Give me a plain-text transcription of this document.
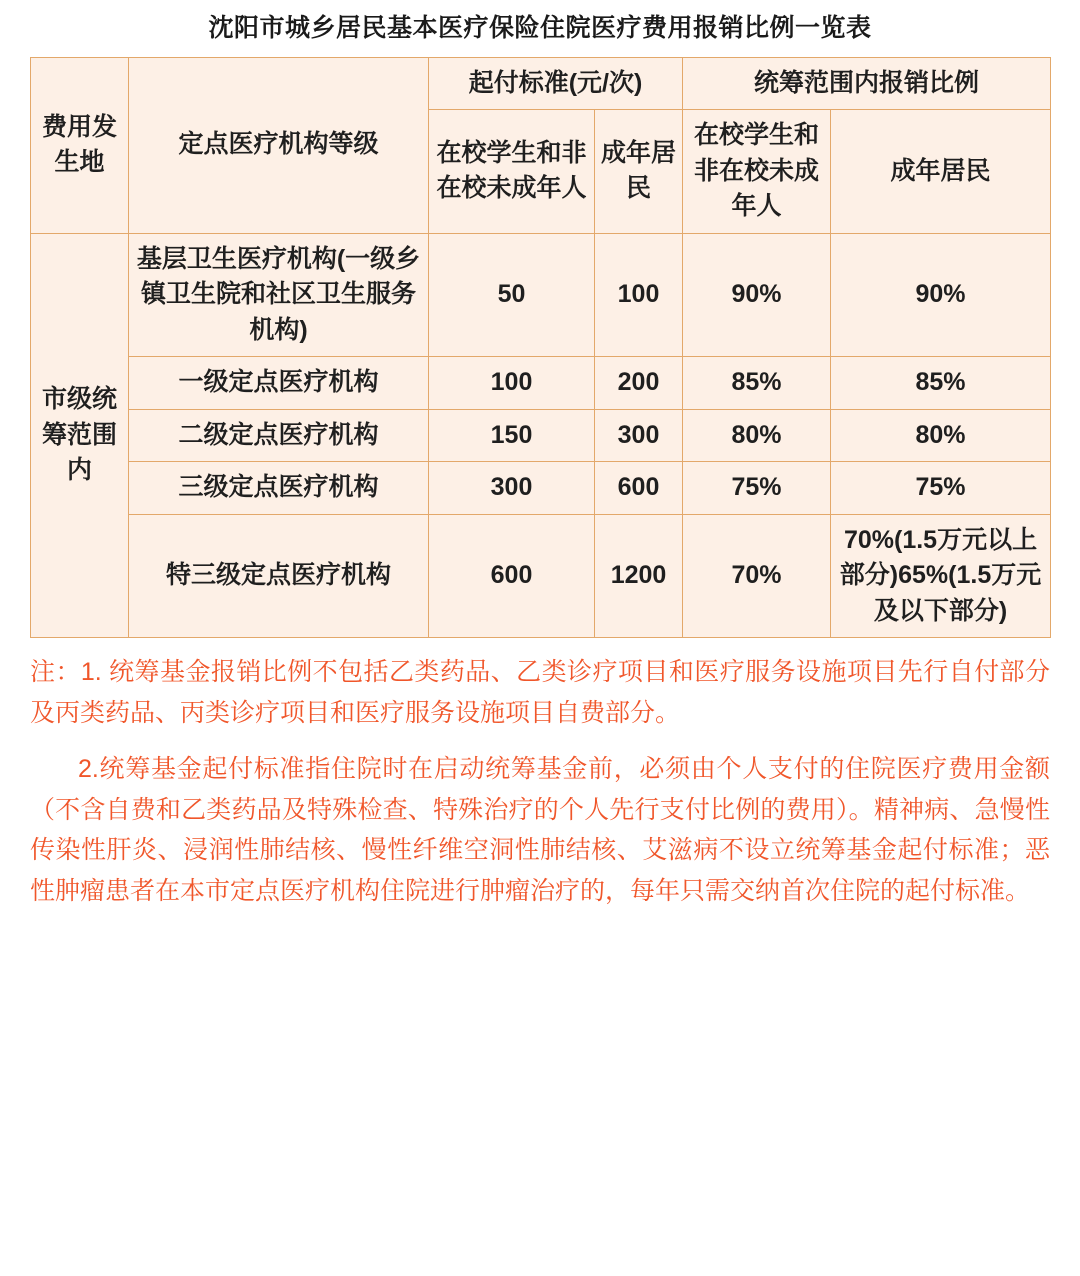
沈阳市城乡居民基本医疗保险住院医疗费用报销比例一览表
费用发生地	定点医疗机构等级	起付标准(元/次)		统筹范围内报销比例	
		在校学生和非在校未成年人	成年居民	在校学生和非在校未成年人	成年居民
市级统筹范围内	基层卫生医疗机构(一级乡镇卫生院和社区卫生服务机构)	50	100	90%	90%
	一级定点医疗机构	100	200	85%	85%
	二级定点医疗机构	150	300	80%	80%
	三级定点医疗机构	300	600	75%	75%
	特三级定点医疗机构	600	1200	70%	70%(1.5万元以上部分)65%(1.5万元及以下部分)

注：1. 统筹基金报销比例不包括乙类药品、乙类诊疗项目和医疗服务设施项目先行自付部分及丙类药品、丙类诊疗项目和医疗服务设施项目自费部分。

2.统筹基金起付标准指住院时在启动统筹基金前，必须由个人支付的住院医疗费用金额（不含自费和乙类药品及特殊检查、特殊治疗的个人先行支付比例的费用）。精神病、急慢性传染性肝炎、浸润性肺结核、慢性纤维空洞性肺结核、艾滋病不设立统筹基金起付标准；恶性肿瘤患者在本市定点医疗机构住院进行肿瘤治疗的，每年只需交纳首次住院的起付标准。
